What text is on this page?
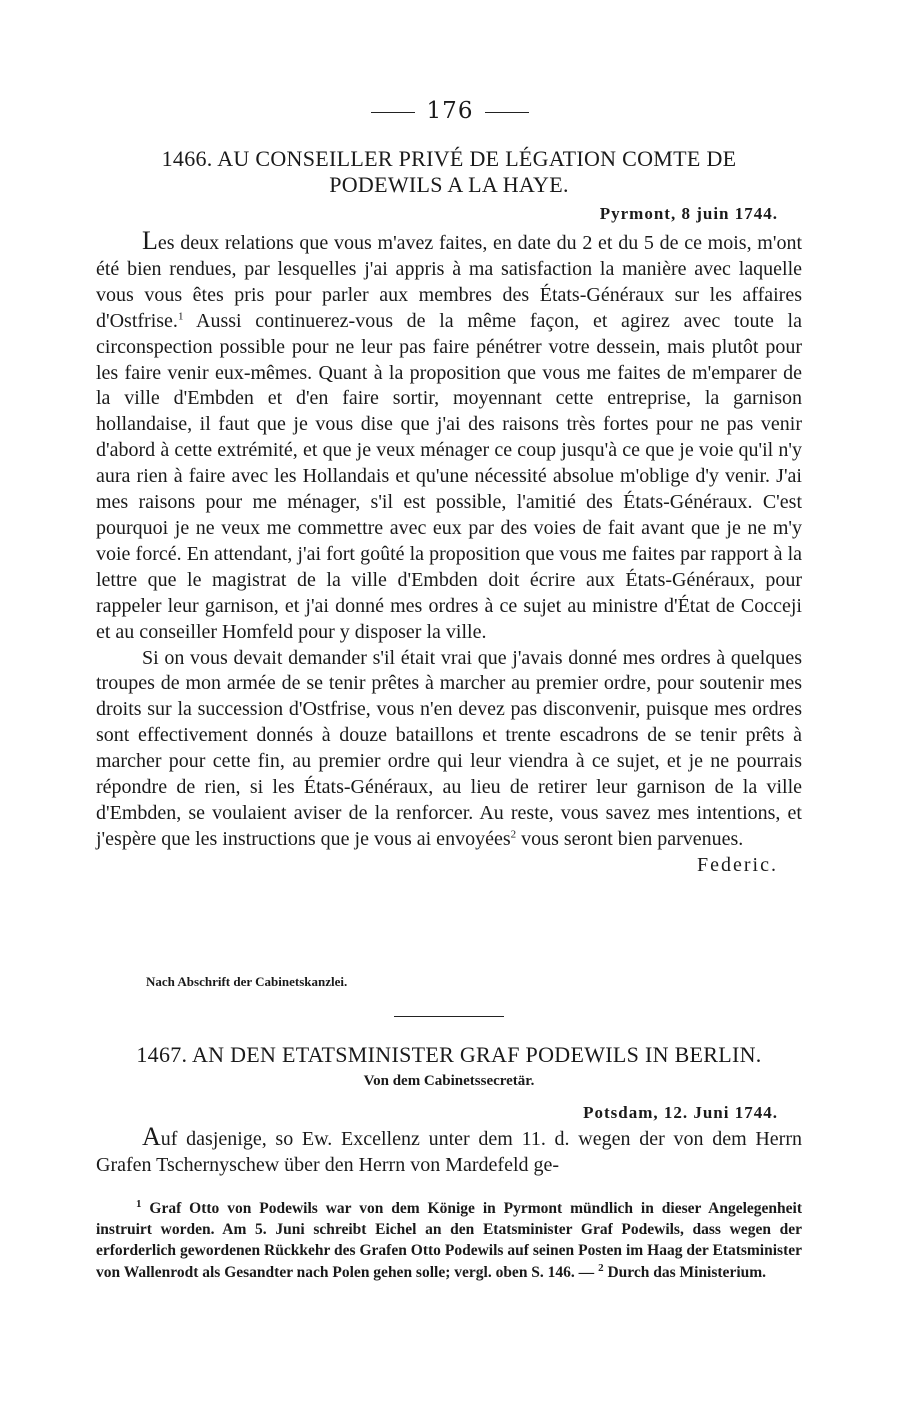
176
1466. AU CONSEILLER PRIVÉ DE LÉGATION COMTE DE
PODEWILS A LA HAYE.
Pyrmont, 8 juin 1744.

Les deux relations que vous m'avez faites, en date du 2 et du 5 de ce mois, m'ont été bien rendues, par lesquelles j'ai appris à ma satisfaction la manière avec laquelle vous vous êtes pris pour parler aux membres des États-Généraux sur les affaires d'Ostfrise.$^1$ Aussi continuerez-vous de la même façon, et agirez avec toute la circonspection possible pour ne leur pas faire pénétrer votre dessein, mais plutôt pour les faire venir eux-mêmes. Quant à la proposition que vous me faites de m'emparer de la ville d'Embden et d'en faire sortir, moyennant cette entreprise, la garnison hollandaise, il faut que je vous dise que j'ai des raisons très fortes pour ne pas venir d'abord à cette extrémité, et que je veux ménager ce coup jusqu'à ce que je voie qu'il n'y aura rien à faire avec les Hollandais et qu'une nécessité absolue m'oblige d'y venir. J'ai mes raisons pour me ménager, s'il est possible, l'amitié des États-Généraux. C'est pourquoi je ne veux me commettre avec eux par des voies de fait avant que je ne m'y voie forcé. En attendant, j'ai fort goûté la proposition que vous me faites par rapport à la lettre que le magistrat de la ville d'Embden doit écrire aux États-Généraux, pour rappeler leur garnison, et j'ai donné mes ordres à ce sujet au ministre d'État de Cocceji et au conseiller Homfeld pour y disposer la ville.

Si on vous devait demander s'il était vrai que j'avais donné mes ordres à quelques troupes de mon armée de se tenir prêtes à marcher au premier ordre, pour soutenir mes droits sur la succession d'Ostfrise, vous n'en devez pas disconvenir, puisque mes ordres sont effectivement donnés à douze bataillons et trente escadrons de se tenir prêts à marcher pour cette fin, au premier ordre qui leur viendra à ce sujet, et je ne pourrais répondre de rien, si les États-Généraux, au lieu de retirer leur garnison de la ville d'Embden, se voulaient aviser de la renforcer. Au reste, vous savez mes intentions, et j'espère que les instructions que je vous ai envoyées$^2$ vous seront bien parvenues.
Federic.

Nach Abschrift der Cabinetskanzlei.
1467. AN DEN ETATSMINISTER GRAF PODEWILS IN BERLIN.
Von dem Cabinetssecretär.
Potsdam, 12. Juni 1744.

Auf dasjenige, so Ew. Excellenz unter dem 11. d. wegen der von dem Herrn Grafen Tschernyschew über den Herrn von Mardefeld ge-

$^1$ Graf Otto von Podewils war von dem Könige in Pyrmont mündlich in dieser Angelegenheit instruirt worden. Am 5. Juni schreibt Eichel an den Etatsminister Graf Podewils, dass wegen der erforderlich gewordenen Rückkehr des Grafen Otto Podewils auf seinen Posten im Haag der Etatsminister von Wallenrodt als Gesandter nach Polen gehen solle; vergl. oben S. 146. — $^2$ Durch das Ministerium.
